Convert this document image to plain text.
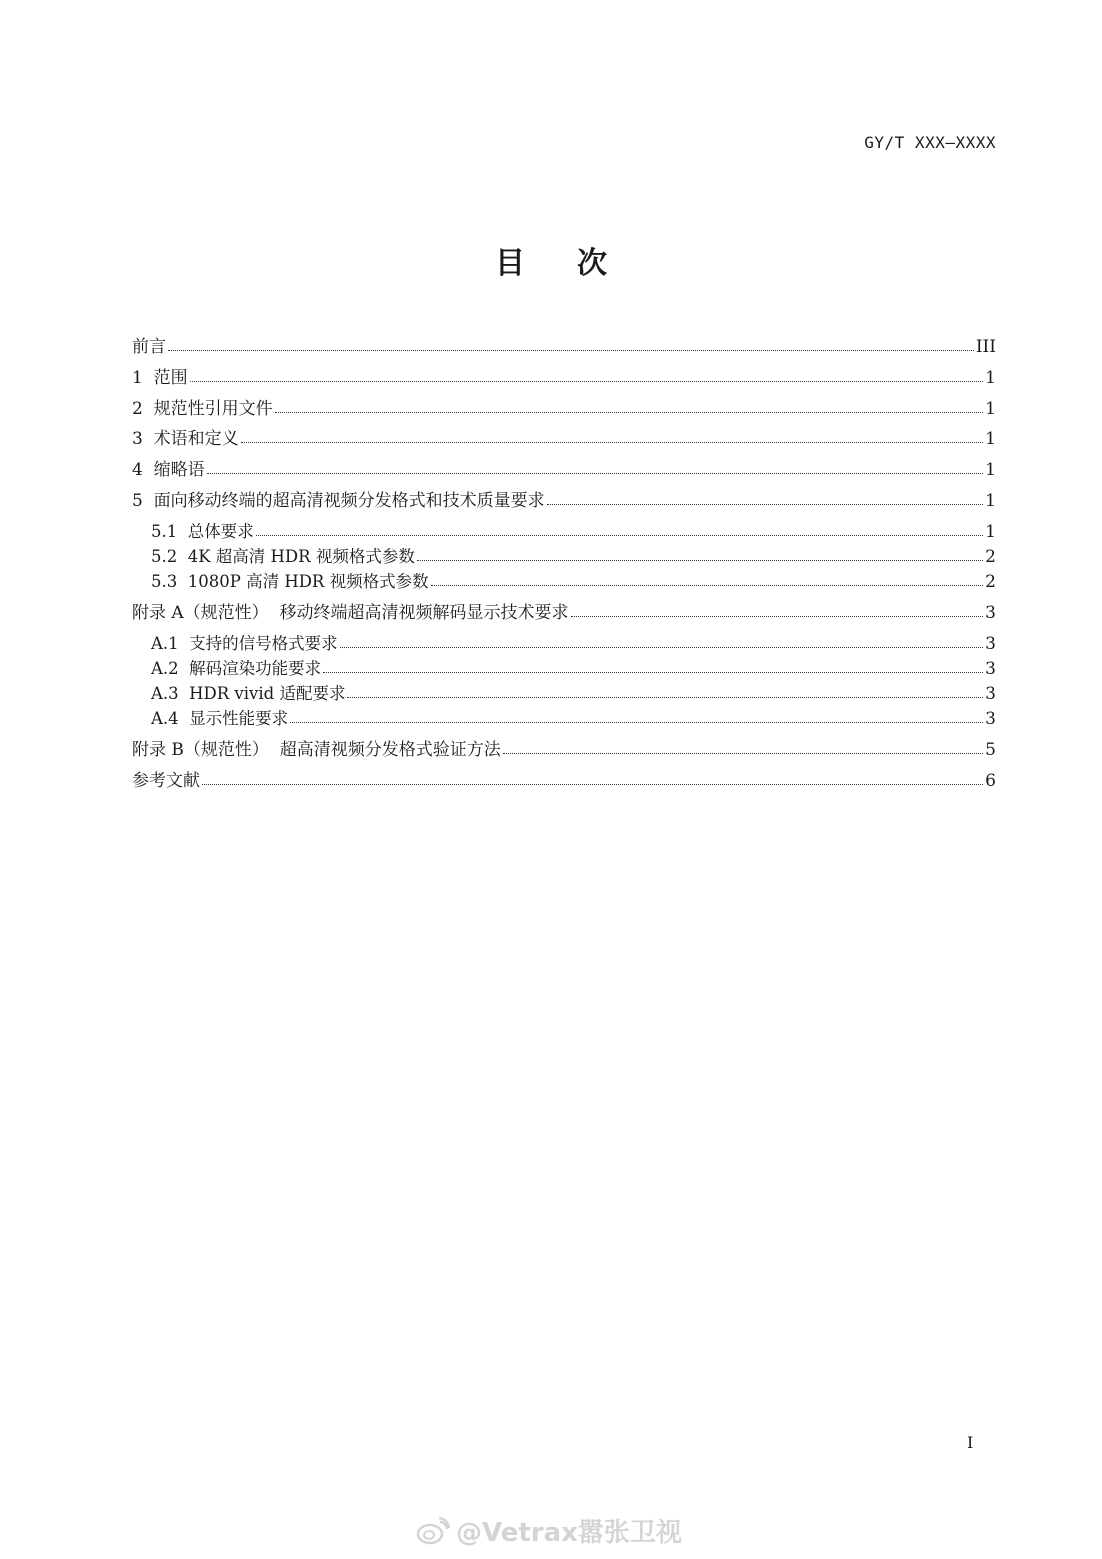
GY/T XXX—XXXX
目次
前言	III
1  范围	1
2  规范性引用文件	1
3  术语和定义	1
4  缩略语	1
5  面向移动终端的超高清视频分发格式和技术质量要求	1
5.1  总体要求	1
5.2  4K 超高清 HDR 视频格式参数	2
5.3  1080P 高清 HDR 视频格式参数	2
附录 A（规范性）  移动终端超高清视频解码显示技术要求	3
A.1  支持的信号格式要求	3
A.2  解码渲染功能要求	3
A.3  HDR vivid 适配要求	3
A.4  显示性能要求	3
附录 B（规范性）  超高清视频分发格式验证方法	5
参考文献	6
I
@Vetrax嚣张卫视
